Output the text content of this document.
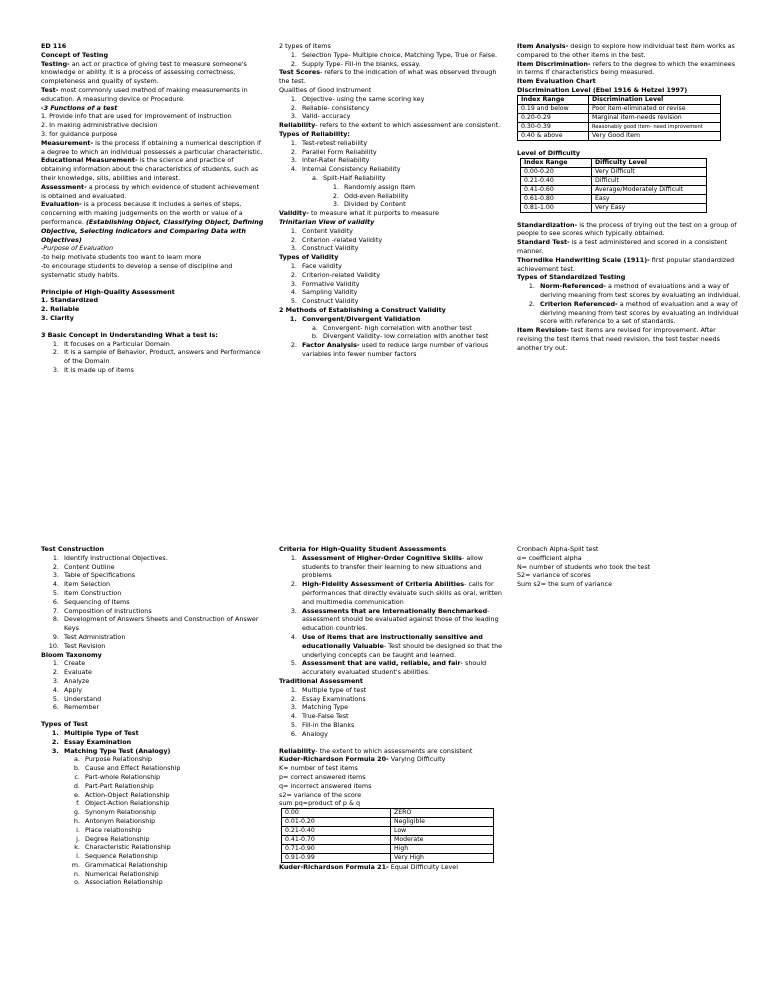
ED 116

Concept of Testing

Testing- an act or practice of giving test to measure someone's knowledge or ability. It is a process of assessing correctness, completeness and quality of system.

Test- most commonly used method of making measurements in education. A measuring device or Procedure.

-3 Functions of a test

1. Provide info that are used for improvement of instruction

2. In making administrative decision

3. for guidance purpose

Measurement- is the process if obtaining a numerical description if a degree to which an individual possesses a particular characteristic.

Educational Measurement- is the science and practice of obtaining information about the characteristics of students, such as their knowledge, sills, abilities and interest.

Assessment- a process by which evidence of student achievement is obtained and evaluated.

Evaluation- is a process because it includes a series of steps, concerning with making judgements on the worth or value of a performance. (Establishing Object, Classifying Object, Defining Objective, Selecting Indicators and Comparing Data with Objectives)

-Purpose of Evaluation

-to help motivate students too want to learn more

-to encourage students to develop a sense of discipline and systematic study habits.

Principle of High-Quality Assessment

1. Standardized

2. Reliable

3. Clarity

3 Basic Concept in Understanding What a test is:

1. It focuses on a Particular Domain
2. It is a sample of Behavior, Product, answers and Performance of the Domain
3. It is made up of items

2 types of Items

1. Selection Type- Multiple choice, Matching Type, True or False.
2. Supply Type- Fill-in the blanks, essay.

Test Scores- refers to the indication of what was observed through the test.

Qualities of Good Instrument

1. Objective- using the same scoring key
2. Reliable- consistency
3. Valid- accuracy

Reliability- refers to the extent to which assessment are consistent.

Types of Reliability:

1. Test-retest reliability
2. Parallel Form Reliability
3. Inter-Rater Reliability
4. Internal Consistency Reliability
a. Split-Half Reliability
1. Randomly assign item
2. Odd-even Reliability
3. Divided by Content

Validity- to measure what it purports to measure

Trinitarian View of validity

1. Content Validity
2. Criterion -related Validity
3. Construct Validity

Types of Validity

1. Face validity
2. Criterion-related Validity
3. Formative Validity
4. Sampling Validity
5. Construct Validity

2 Methods of Establishing a Construct Validity

1. Convergent/Divergent Validation
a. Convergent- high correlation with another test
b. Divergent Validity- low correlation with another test
2. Factor Analysis- used to reduce large number of various variables into fewer number factors

Item Analysis- design to explore how individual test item works as compared to the other items in the test.

Item Discrimination- refers to the degree to which the examinees in terms if characteristics being measured.

Item Evaluation Chart

Discrimination Level (Ebel 1916 & Hetzel 1997)

Index Range	Discrimination Level
0.19 and below	Poor item-eliminated or revise
0.20-0.29	Marginal item-needs revision
0.30-0.39	Reasonably good item- need improvement
0.40 & above	Very Good Item

Level of Difficulty

Index Range	Difficulty Level
0.00-0.20	Very Difficult
0.21-0.40	Difficult
0.41-0.60	Average/Moderately Difficult
0.61-0.80	Easy
0.81-1.00	Very Easy

Standardization- is the process of trying out the test on a group of people to see scores which typically obtained.

Standard Test- is a test administered and scored in a consistent manner.

Thorndike Handwriting Scale (1911)- first popular standardized achievement test.

Types of Standardized Testing

1. Norm-Referenced- a method of evaluations and a way of deriving meaning from test scores by evaluating an individual.
2. Criterion Referenced- a method of evaluation and a way of deriving meaning from test scores by evaluating an individual score with reference to a set of standards.

Item Revision- test items are revised for improvement. After revising the test items that need revision, the test tester needs another try out.

Test Construction

1. Identify Instructional Objectives.
2. Content Outline
3. Table of Specifications
4. Item Selection
5. Item Construction
6. Sequencing of Items
7. Composition of Instructions
8. Development of Answers Sheets and Construction of Answer Keys
9. Test Administration
10. Test Revision

Bloom Taxonomy

1. Create
2. Evaluate
3. Analyze
4. Apply
5. Understand
6. Remember

Types of Test

1. Multiple Type of Test
2. Essay Examination
3. Matching Type Test (Analogy)
a. Purpose Relationship
b. Cause and Effect Relationship
c. Part-whole Relationship
d. Part-Part Relationship
e. Action-Object Relationship
f. Object-Action Relationship
g. Synonym Relationship
h. Antonym Relationship
i. Place relationship
j. Degree Relationship
k. Characteristic Relationship
l. Sequence Relationship
m. Grammatical Relationship
n. Numerical Relationship
o. Association Relationship

Criteria for High-Quality Student Assessments

1. Assessment of Higher-Order Cognitive Skills- allow students to transfer their learning to new situations and problems
2. High-Fidelity Assessment of Criteria Abilities- calls for performances that directly evaluate such skills as oral, written and multimedia communication
3. Assessments that are Internationally Benchmarked- assessment should be evaluated against those of the leading education countries.
4. Use of items that are instructionally sensitive and educationally Valuable- Test should be designed so that the underlying concepts can be taught and learned.
5. Assessment that are valid, reliable, and fair- should accurately evaluated student's abilities.

Traditional Assessment

1. Multiple type of test
2. Essay Examinations
3. Matching Type
4. True-False Test
5. Fill-in the Blanks
6. Analogy

Reliability- the extent to which assessments are consistent

Kuder-Richardson Formula 20- Varying Difficulty

K= number of test items

p= correct answered items

q= incorrect answered items

s2= variance of the score

sum pq=product of p & q

0.00	ZERO
0.01-0.20	Negligible
0.21-0.40	Low
0.41-0.70	Moderate
0.71-0.90	High
0.91-0.99	Very High

Kuder-Richardson Formula 21- Equal Difficulty Level

Cronbach Alpha-Spilt test

α= coefficient alpha

N= number of students who took the test

S2= variance of scores

Sum s2= the sum of variance
